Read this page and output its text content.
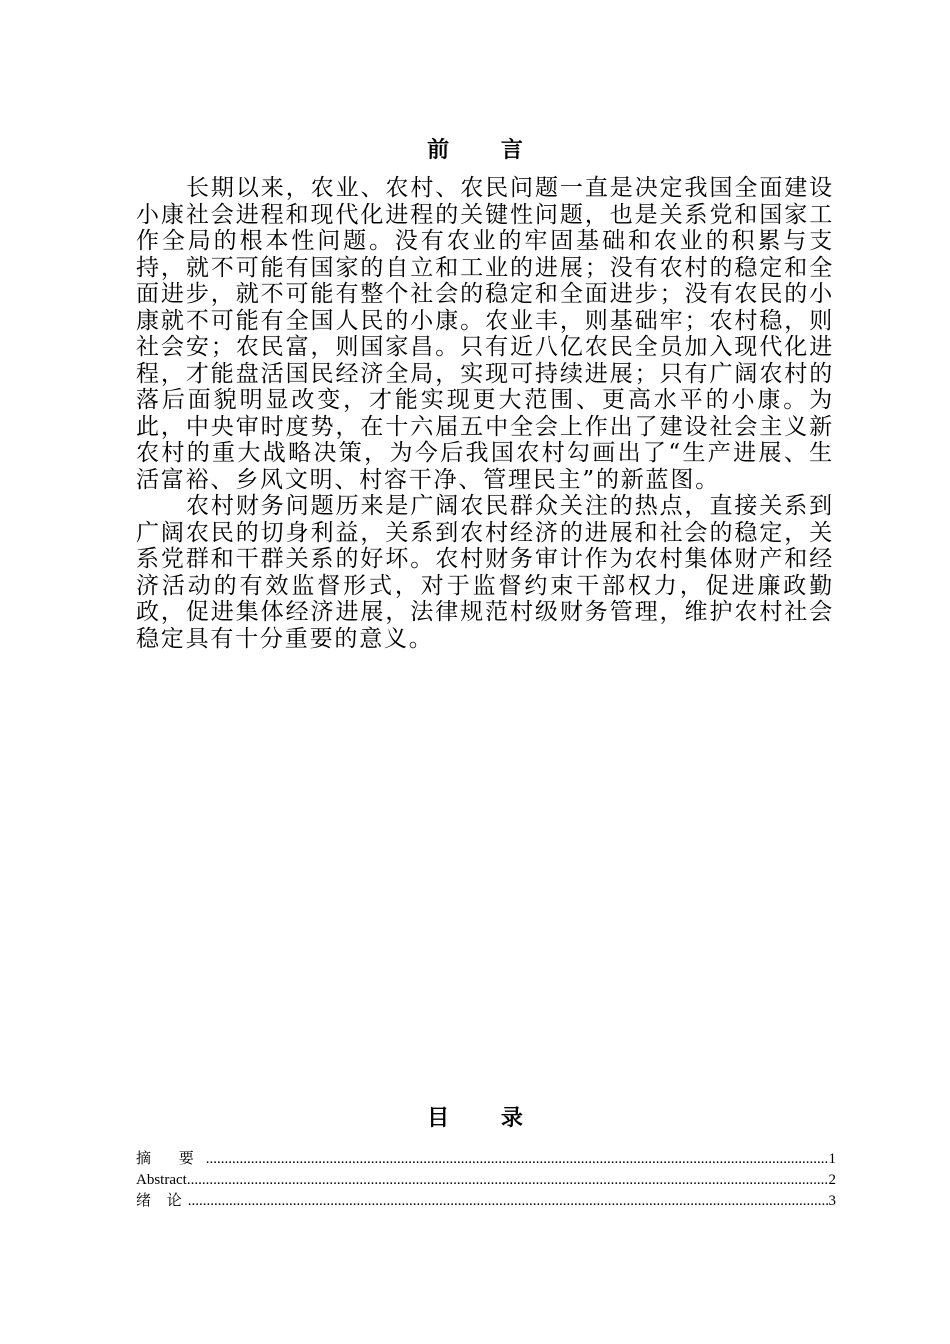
前 言

长期以来，农业、农村、农民问题一直是决定我国全面建设小康社会进程和现代化进程的关键性问题，也是关系党和国家工作全局的根本性问题。没有农业的牢固基础和农业的积累与支持，就不可能有国家的自立和工业的进展；没有农村的稳定和全面进步，就不可能有整个社会的稳定和全面进步；没有农民的小康就不可能有全国人民的小康。农业丰，则基础牢；农村稳，则社会安；农民富，则国家昌。只有近八亿农民全员加入现代化进程，才能盘活国民经济全局，实现可持续进展；只有广阔农村的落后面貌明显改变，才能实现更大范围、更高水平的小康。为此，中央审时度势，在十六届五中全会上作出了建设社会主义新农村的重大战略决策，为今后我国农村勾画出了“生产进展、生活富裕、乡风文明、村容干净、管理民主”的新蓝图。

农村财务问题历来是广阔农民群众关注的热点，直接关系到广阔农民的切身利益，关系到农村经济的进展和社会的稳定，关系党群和干群关系的好坏。农村财务审计作为农村集体财产和经济活动的有效监督形式，对于监督约束干部权力，促进廉政勤政，促进集体经济进展，法律规范村级财务管理，维护农村社会稳定具有十分重要的意义。

目 录
摘 要 .....	1
Abstract .....	2
绪 论 .....	3
